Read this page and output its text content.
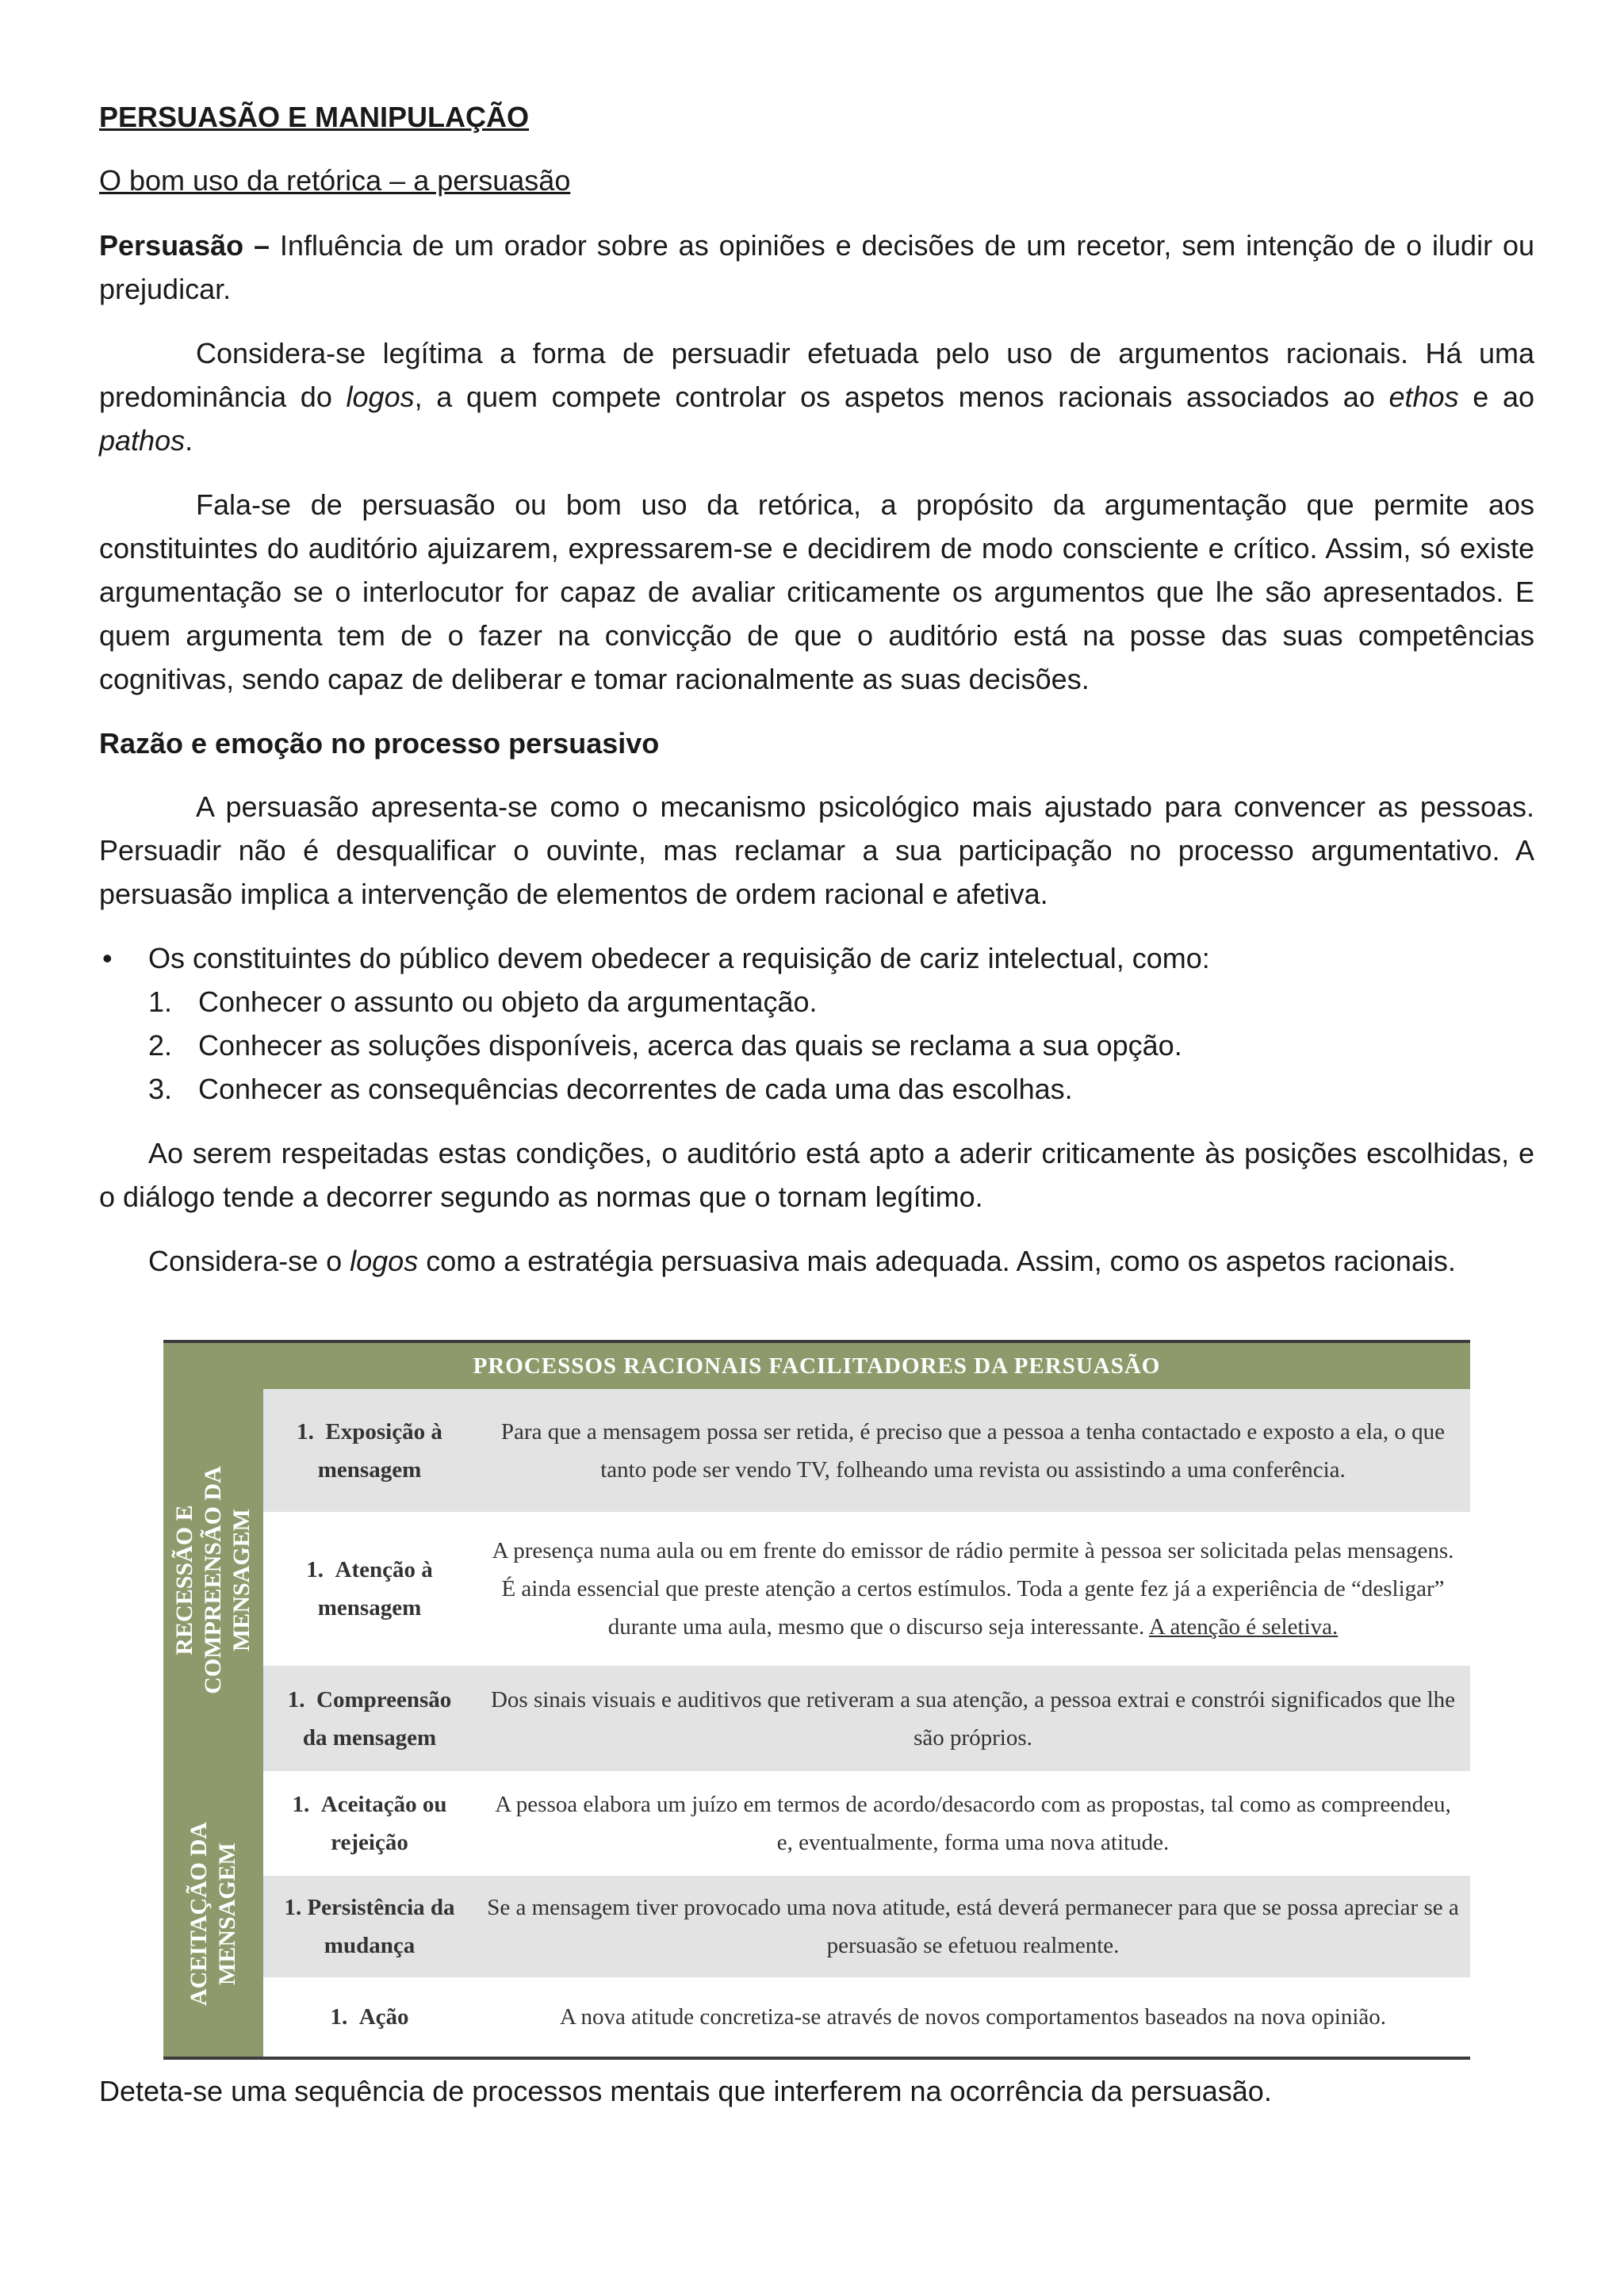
PERSUASÃO E MANIPULAÇÃO
O bom uso da retórica – a persuasão

Persuasão – Influência de um orador sobre as opiniões e decisões de um recetor, sem intenção de o iludir ou prejudicar.

Considera-se legítima a forma de persuadir efetuada pelo uso de argumentos racionais. Há uma predominância do logos, a quem compete controlar os aspetos menos racionais associados ao ethos e ao pathos.

Fala-se de persuasão ou bom uso da retórica, a propósito da argumentação que permite aos constituintes do auditório ajuizarem, expressarem-se e decidirem de modo consciente e crítico. Assim, só existe argumentação se o interlocutor for capaz de avaliar criticamente os argumentos que lhe são apresentados. E quem argumenta tem de o fazer na convicção de que o auditório está na posse das suas competências cognitivas, sendo capaz de deliberar e tomar racionalmente as suas decisões.

Razão e emoção no processo persuasivo

A persuasão apresenta-se como o mecanismo psicológico mais ajustado para convencer as pessoas. Persuadir não é desqualificar o ouvinte, mas reclamar a sua participação no processo argumentativo. A persuasão implica a intervenção de elementos de ordem racional e afetiva.

• Os constituintes do público devem obedecer a requisição de cariz intelectual, como:
1. Conhecer o assunto ou objeto da argumentação.
2. Conhecer as soluções disponíveis, acerca das quais se reclama a sua opção.
3. Conhecer as consequências decorrentes de cada uma das escolhas.

Ao serem respeitadas estas condições, o auditório está apto a aderir criticamente às posições escolhidas, e o diálogo tende a decorrer segundo as normas que o tornam legítimo.

Considera-se o logos como a estratégia persuasiva mais adequada. Assim, como os aspetos racionais.

PROCESSOS RACIONAIS FACILITADORES DA PERSUASÃO
RECESSÃO E COMPREENSÃO DA MENSAGEM
ACEITAÇÃO DA MENSAGEM
1. Exposição à
mensagem
Para que a mensagem possa ser retida, é preciso que a pessoa a tenha contactado e exposto a ela, o que tanto pode ser vendo TV, folheando uma revista ou assistindo a uma conferência.
1. Atenção à
mensagem
A presença numa aula ou em frente do emissor de rádio permite à pessoa ser solicitada pelas mensagens. É ainda essencial que preste atenção a certos estímulos. Toda a gente fez já a experiência de “desligar” durante uma aula, mesmo que o discurso seja interessante. A atenção é seletiva.
1. Compreensão
da mensagem
Dos sinais visuais e auditivos que retiveram a sua atenção, a pessoa extrai e constrói significados que lhe são próprios.
1. Aceitação ou
rejeição
A pessoa elabora um juízo em termos de acordo/desacordo com as propostas, tal como as compreendeu, e, eventualmente, forma uma nova atitude.
1. Persistência da
mudança
Se a mensagem tiver provocado uma nova atitude, está deverá permanecer para que se possa apreciar se a persuasão se efetuou realmente.
1. Ação	A nova atitude concretiza-se através de novos comportamentos baseados na nova opinião.
Deteta-se uma sequência de processos mentais que interferem na ocorrência da persuasão.
